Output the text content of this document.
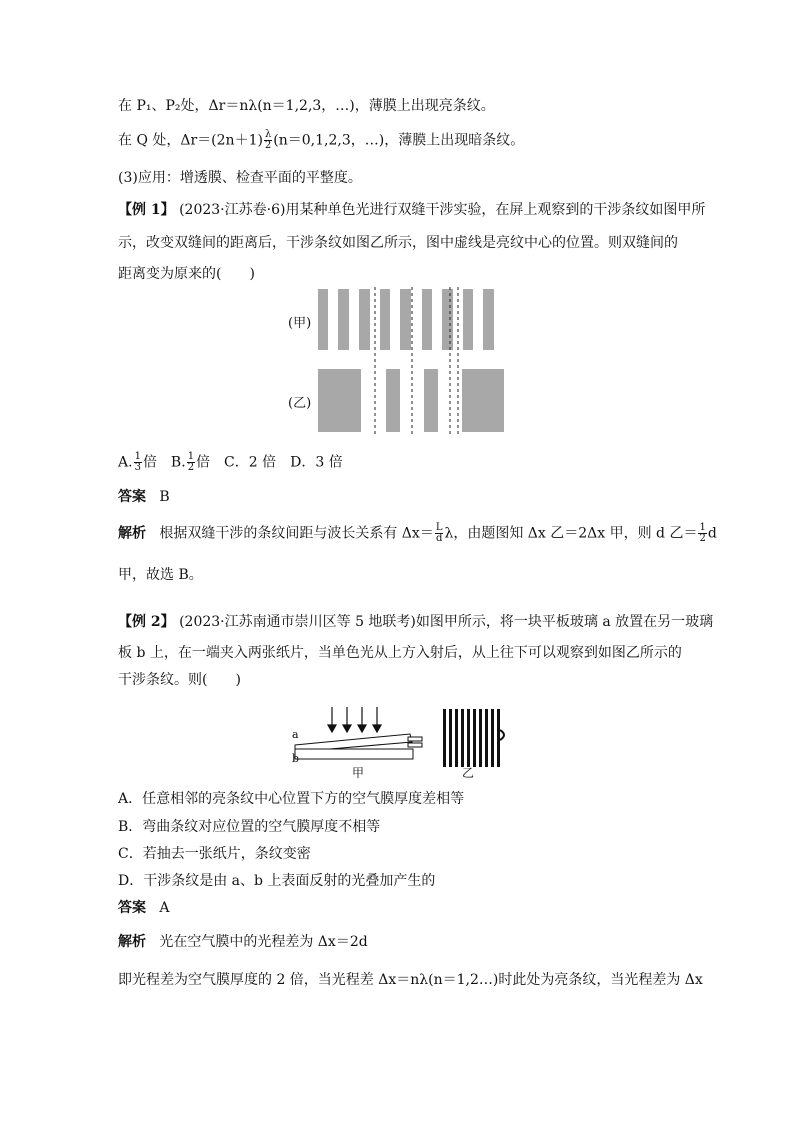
在 P₁、P₂处，Δr＝nλ(n＝1,2,3，…)，薄膜上出现亮条纹。
在 Q 处，$\Delta r=(2n+1) \frac{\lambda}{2} (n=0,1,2,3$，…)，薄膜上出现暗条纹。
(3)应用：增透膜、检查平面的平整度。
【例 1】 (2023·江苏卷·6)用某种单色光进行双缝干涉实验，在屏上观察到的干涉条纹如图甲所
示，改变双缝间的距离后，干涉条纹如图乙所示，图中虚线是亮纹中心的位置。则双缝间的
距离变为原来的(　　)
(甲)
(乙)
A. $\frac{1}{3}$ 倍　B. $\frac{1}{2}$ 倍　C．2 倍　D．3 倍
答案 B
解析 根据双缝干涉的条纹间距与波长关系有 $\Delta x= \frac{L}{d}$ λ，由题图知 Δx 乙＝2Δx 甲，则 d 乙＝ $\frac{1}{2}$ d
甲，故选 B。
【例 2】 (2023·江苏南通市崇川区等 5 地联考)如图甲所示，将一块平板玻璃 a 放置在另一玻璃
板 b 上，在一端夹入两张纸片，当单色光从上方入射后，从上往下可以观察到如图乙所示的
干涉条纹。则(　　)
a
b
甲	乙
A．任意相邻的亮条纹中心位置下方的空气膜厚度差相等
B．弯曲条纹对应位置的空气膜厚度不相等
C．若抽去一张纸片，条纹变密
D．干涉条纹是由 a、b 上表面反射的光叠加产生的
答案 A
解析 光在空气膜中的光程差为 Δx＝2d
即光程差为空气膜厚度的 2 倍，当光程差 Δx＝nλ(n＝1,2…)时此处为亮条纹，当光程差为 Δx
